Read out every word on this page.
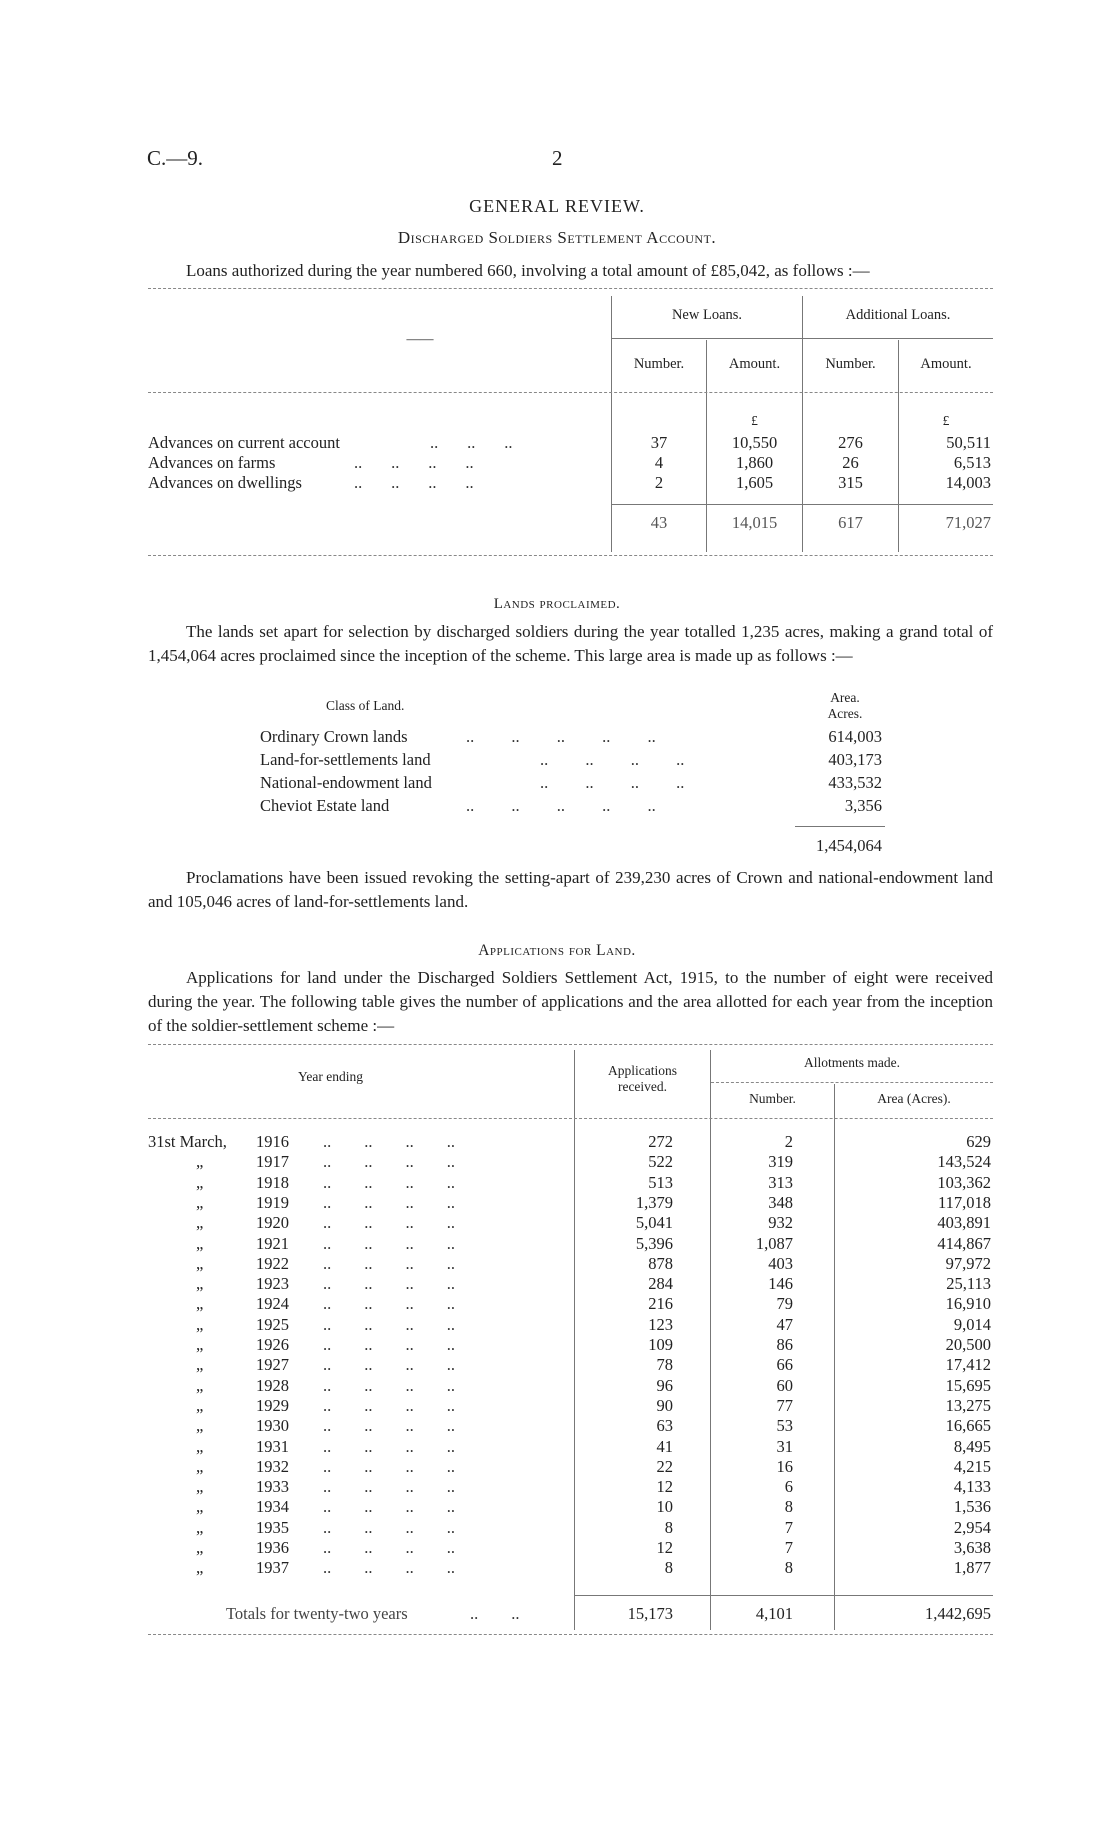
C.—9.	2
GENERAL REVIEW.
Discharged Soldiers Settlement Account.
Loans authorized during the year numbered 660, involving a total amount of £85,042, as follows :—
New Loans.	Additional Loans.
——
Number.	Amount.	Number.	Amount.
£	£
Advances on current account	..       ..       ..	37	10,550	276	50,511
Advances on farms	..       ..       ..       ..	4	1,860	26	6,513
Advances on dwellings	..       ..       ..       ..	2	1,605	315	14,003
43	14,015	617	71,027
Lands proclaimed.
The lands set apart for selection by discharged soldiers during the year totalled 1,235 acres, making a grand total of 1,454,064 acres proclaimed since the inception of the scheme. This large area is made up as follows :—
Class of Land.
Area.
Acres.
Ordinary Crown lands	..         ..         ..         ..         ..	614,003
Land-for-settlements land	..         ..         ..         ..	403,173
National-endowment land	..         ..         ..         ..	433,532
Cheviot Estate land	..         ..         ..         ..         ..	3,356
1,454,064
Proclamations have been issued revoking the setting-apart of 239,230 acres of Crown and national-endowment land and 105,046 acres of land-for-settlements land.
Applications for Land.
Applications for land under the Discharged Soldiers Settlement Act, 1915, to the number of eight were received during the year. The following table gives the number of applications and the area allotted for each year from the inception of the soldier-settlement scheme :—
Year ending	Applications
received.
Allotments made.
Number.	Area (Acres).
31st March, 1916 ..        ..        ..        ..	272	2	629
„	1917 ..        ..        ..        ..	522	319	143,524
„	1918 ..        ..        ..        ..	513	313	103,362
„	1919 ..        ..        ..        ..	1,379	348	117,018
„	1920 ..        ..        ..        ..	5,041	932	403,891
„	1921 ..        ..        ..        ..	5,396	1,087	414,867
„	1922 ..        ..        ..        ..	878	403	97,972
„	1923 ..        ..        ..        ..	284	146	25,113
„	1924 ..        ..        ..        ..	216	79	16,910
„	1925 ..        ..        ..        ..	123	47	9,014
„	1926 ..        ..        ..        ..	109	86	20,500
„	1927 ..        ..        ..        ..	78	66	17,412
„	1928 ..        ..        ..        ..	96	60	15,695
„	1929 ..        ..        ..        ..	90	77	13,275
„	1930 ..        ..        ..        ..	63	53	16,665
„	1931 ..        ..        ..        ..	41	31	8,495
„	1932 ..        ..        ..        ..	22	16	4,215
„	1933 ..        ..        ..        ..	12	6	4,133
„	1934 ..        ..        ..        ..	10	8	1,536
„	1935 ..        ..        ..        ..	8	7	2,954
„	1936 ..        ..        ..        ..	12	7	3,638
„	1937 ..        ..        ..        ..	8	8	1,877
Totals for twenty-two years	..        ..	15,173	4,101	1,442,695
